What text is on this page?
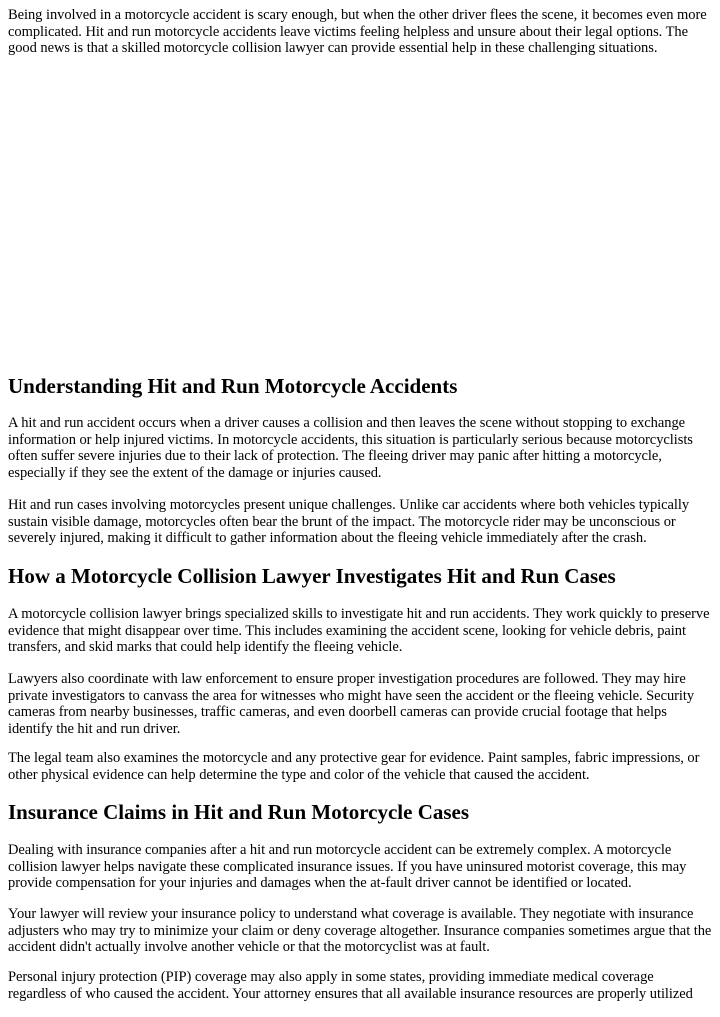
Being involved in a motorcycle accident is scary enough, but when the other driver flees the scene, it becomes even more complicated. Hit and run motorcycle accidents leave victims feeling helpless and unsure about their legal options. The good news is that a skilled motorcycle collision lawyer can provide essential help in these challenging situations.

Understanding Hit and Run Motorcycle Accidents

A hit and run accident occurs when a driver causes a collision and then leaves the scene without stopping to exchange information or help injured victims. In motorcycle accidents, this situation is particularly serious because motorcyclists often suffer severe injuries due to their lack of protection. The fleeing driver may panic after hitting a motorcycle, especially if they see the extent of the damage or injuries caused.

Hit and run cases involving motorcycles present unique challenges. Unlike car accidents where both vehicles typically sustain visible damage, motorcycles often bear the brunt of the impact. The motorcycle rider may be unconscious or severely injured, making it difficult to gather information about the fleeing vehicle immediately after the crash.

How a Motorcycle Collision Lawyer Investigates Hit and Run Cases

A motorcycle collision lawyer brings specialized skills to investigate hit and run accidents. They work quickly to preserve evidence that might disappear over time. This includes examining the accident scene, looking for vehicle debris, paint transfers, and skid marks that could help identify the fleeing vehicle.

Lawyers also coordinate with law enforcement to ensure proper investigation procedures are followed. They may hire private investigators to canvass the area for witnesses who might have seen the accident or the fleeing vehicle. Security cameras from nearby businesses, traffic cameras, and even doorbell cameras can provide crucial footage that helps identify the hit and run driver.

The legal team also examines the motorcycle and any protective gear for evidence. Paint samples, fabric impressions, or other physical evidence can help determine the type and color of the vehicle that caused the accident.

Insurance Claims in Hit and Run Motorcycle Cases

Dealing with insurance companies after a hit and run motorcycle accident can be extremely complex. A motorcycle collision lawyer helps navigate these complicated insurance issues. If you have uninsured motorist coverage, this may provide compensation for your injuries and damages when the at-fault driver cannot be identified or located.

Your lawyer will review your insurance policy to understand what coverage is available. They negotiate with insurance adjusters who may try to minimize your claim or deny coverage altogether. Insurance companies sometimes argue that the accident didn't actually involve another vehicle or that the motorcyclist was at fault.

Personal injury protection (PIP) coverage may also apply in some states, providing immediate medical coverage regardless of who caused the accident. Your attorney ensures that all available insurance resources are properly utilized
